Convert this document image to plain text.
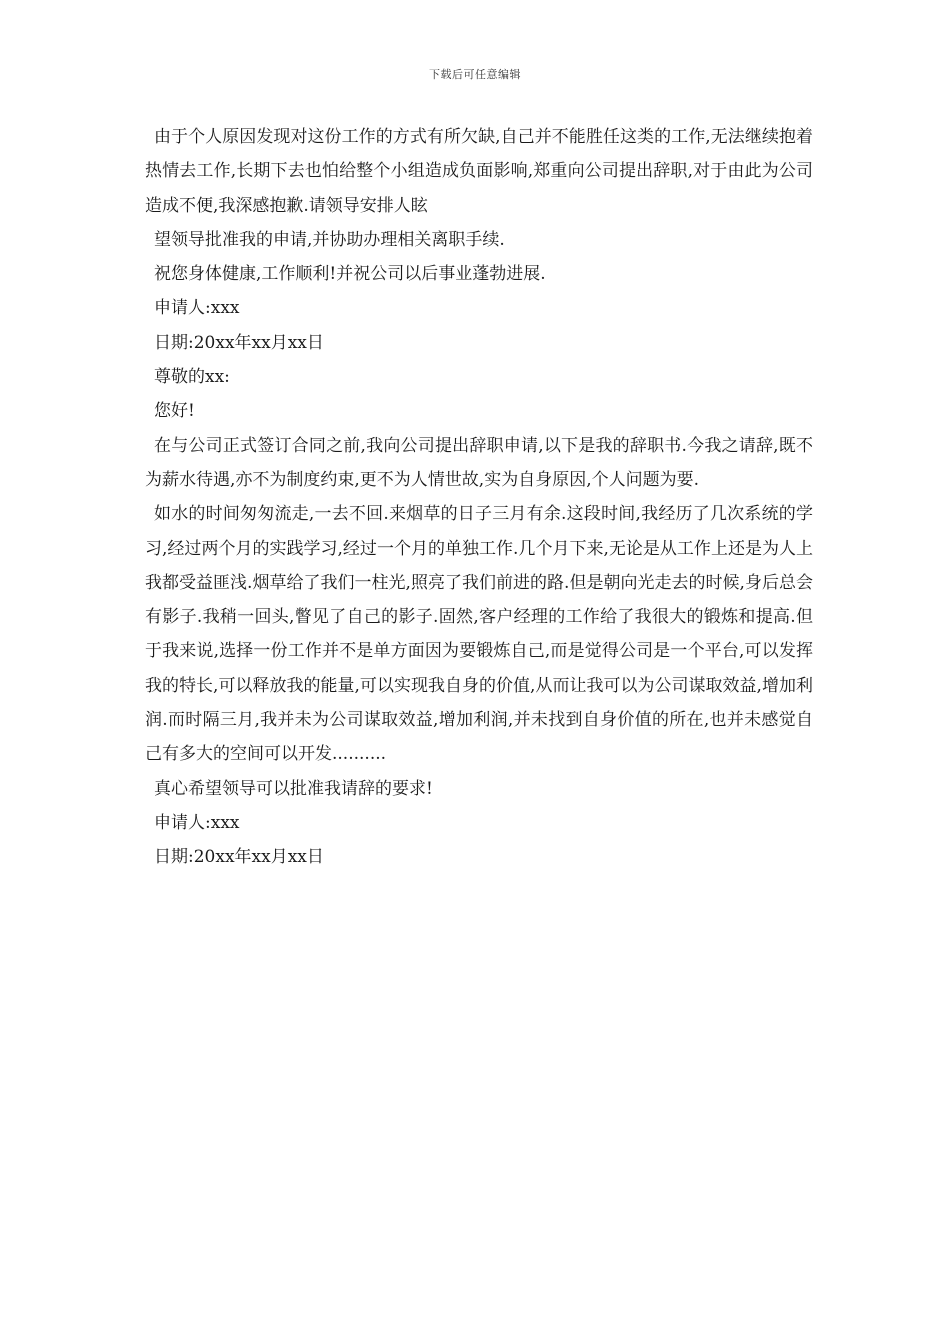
下载后可任意编辑

由于个人原因发现对这份工作的方式有所欠缺,自己并不能胜任这类的工作,无法继续抱着热情去工作,长期下去也怕给整个小组造成负面影响,郑重向公司提出辞职,对于由此为公司造成不便,我深感抱歉.请领导安排人眩

望领导批准我的申请,并协助办理相关离职手续.

祝您身体健康,工作顺利!并祝公司以后事业蓬勃进展.

申请人:xxx

日期:20xx年xx月xx日

尊敬的xx:

您好!

在与公司正式签订合同之前,我向公司提出辞职申请,以下是我的辞职书.今我之请辞,既不为薪水待遇,亦不为制度约束,更不为人情世故,实为自身原因,个人问题为要.

如水的时间匆匆流走,一去不回.来烟草的日子三月有余.这段时间,我经历了几次系统的学习,经过两个月的实践学习,经过一个月的单独工作.几个月下来,无论是从工作上还是为人上我都受益匪浅.烟草给了我们一柱光,照亮了我们前进的路.但是朝向光走去的时候,身后总会有影子.我稍一回头,瞥见了自己的影子.固然,客户经理的工作给了我很大的锻炼和提高.但于我来说,选择一份工作并不是单方面因为要锻炼自己,而是觉得公司是一个平台,可以发挥我的特长,可以释放我的能量,可以实现我自身的价值,从而让我可以为公司谋取效益,增加利润.而时隔三月,我并未为公司谋取效益,增加利润,并未找到自身价值的所在,也并未感觉自己有多大的空间可以开发..........

真心希望领导可以批准我请辞的要求!

申请人:xxx

日期:20xx年xx月xx日
